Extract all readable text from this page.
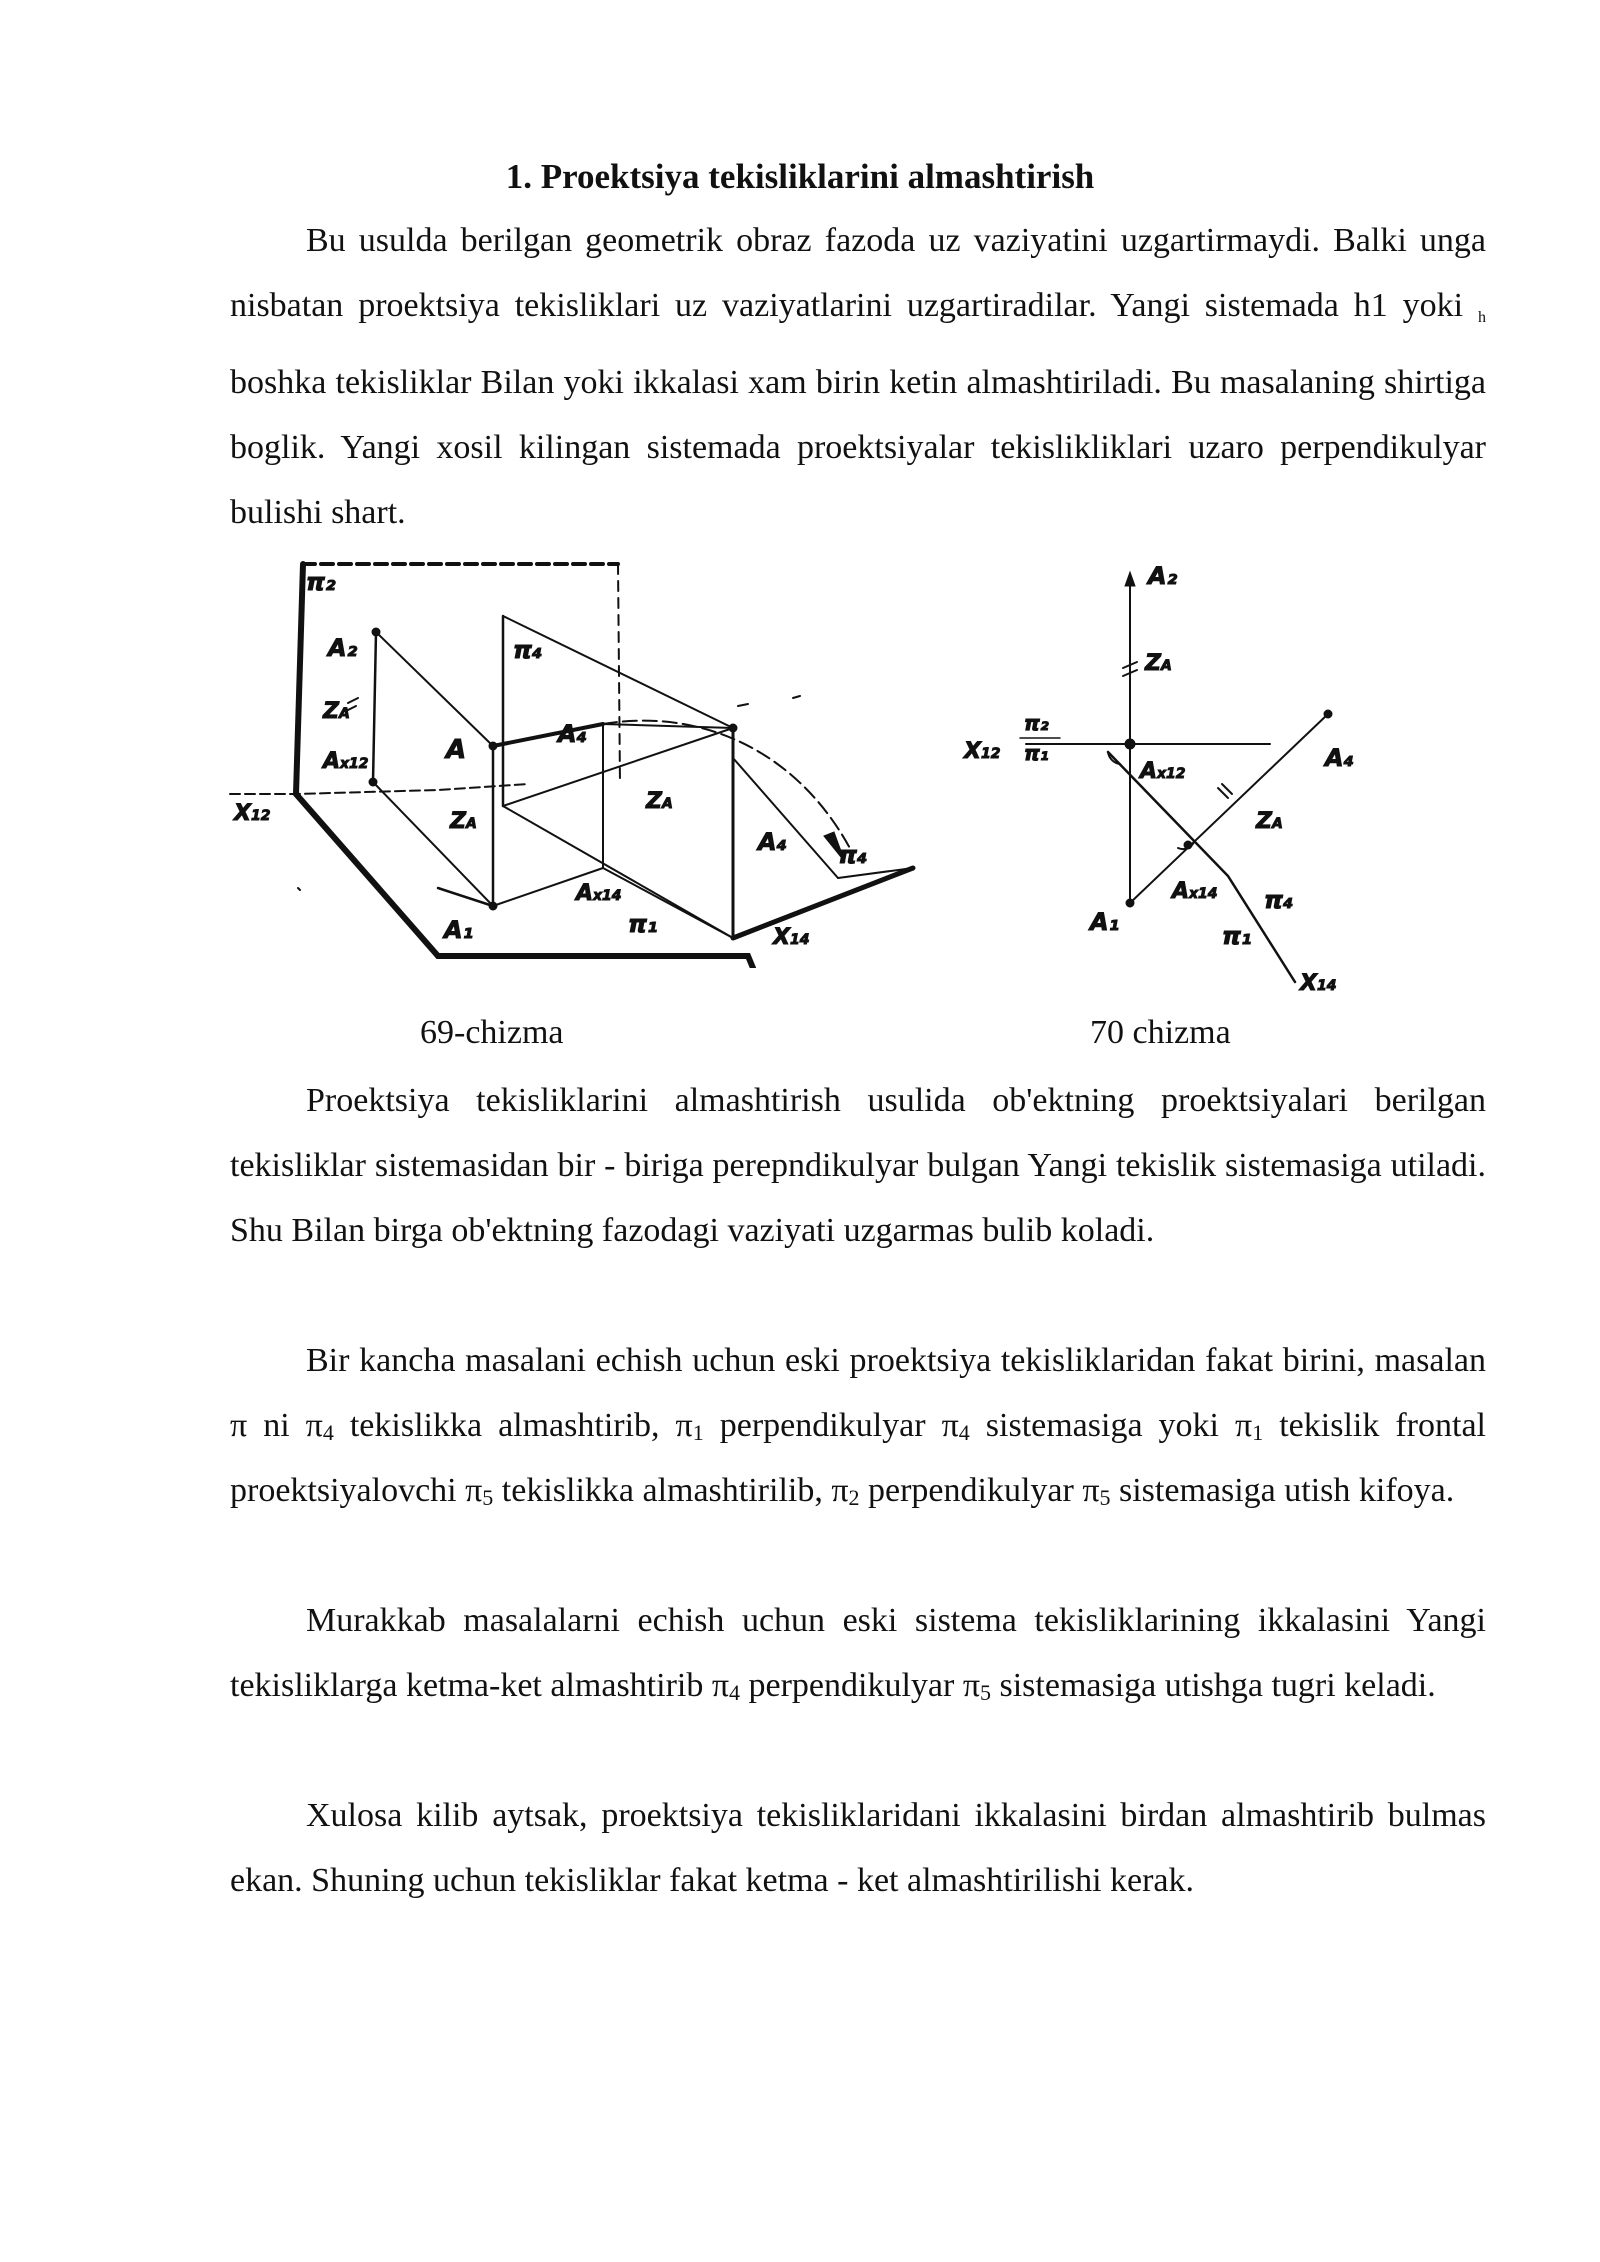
1. Proektsiya tekisliklarini almashtirish

Bu usulda berilgan geometrik obraz fazoda uz vaziyatini uzgartirmaydi. Balki unga nisbatan proektsiya tekisliklari uz vaziyatlarini uzgartiradilar. Yangi sistemada h1 yoki h boshka tekisliklar Bilan yoki ikkalasi xam birin ketin almashtiriladi. Bu masalaning shirtiga boglik. Yangi xosil kilingan sistemada proektsiyalar tekislikliklari uzaro perpendikulyar bulishi shart.

π₂
A₂
ZA
Ax12
X12
A
ZA
A₁
π₄
A₄
ZA
Ax14
A₄ π₄
π₁	X14
A₂
ZA
X12
π₂
π₁
Ax12
A₄
ZA
A₁
Ax14 π₄
π₁
X14
69-chizma	70 chizma

Proektsiya tekisliklarini almashtirish usulida ob'ektning proektsiyalari berilgan tekisliklar sistemasidan bir - biriga perepndikulyar bulgan Yangi tekislik sistemasiga utiladi. Shu Bilan birga ob'ektning fazodagi vaziyati uzgarmas bulib koladi.

Bir kancha masalani echish uchun eski proektsiya tekisliklaridan fakat birini, masalan π ni $\pi_4$ tekislikka almashtirib, $\pi_1$ perpendikulyar $\pi_4$ sistemasiga yoki $\pi_1$ tekislik frontal proektsiyalovchi $\pi_5$ tekislikka almashtirilib, $\pi_2$ perpendikulyar $\pi_5$ sistemasiga utish kifoya.

Murakkab masalalarni echish uchun eski sistema tekisliklarining ikkalasini Yangi tekisliklarga ketma-ket almashtirib $\pi_4$ perpendikulyar $\pi_5$ sistemasiga utishga tugri keladi.

Xulosa kilib aytsak, proektsiya tekisliklaridani ikkalasini birdan almashtirib bulmas ekan. Shuning uchun tekisliklar fakat ketma - ket almashtirilishi kerak.
